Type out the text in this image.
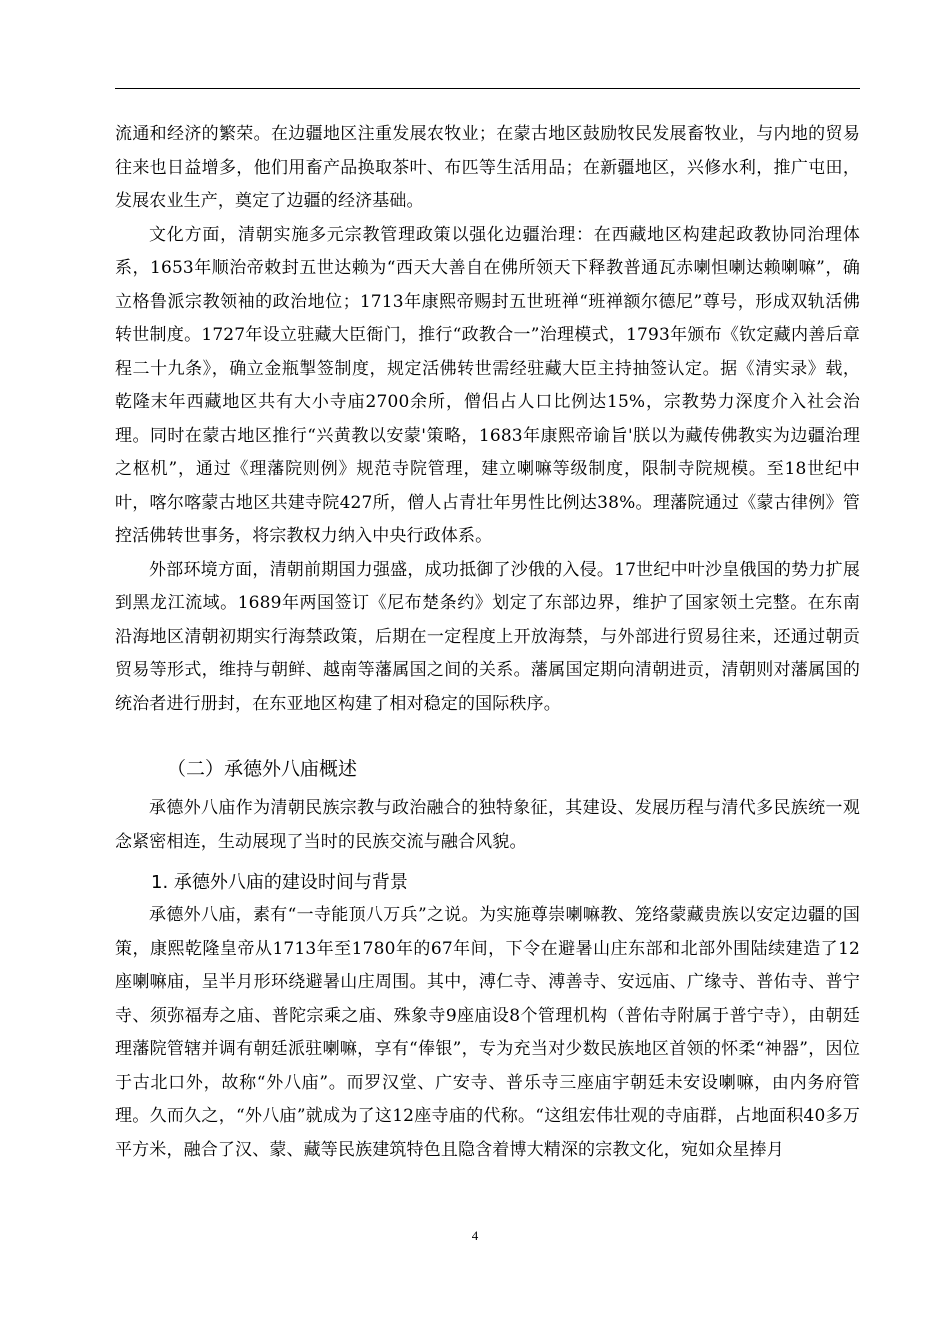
流通和经济的繁荣。在边疆地区注重发展农牧业；在蒙古地区鼓励牧民发展畜牧业，与内地的贸易往来也日益增多，他们用畜产品换取茶叶、布匹等生活用品；在新疆地区，兴修水利，推广屯田，发展农业生产，奠定了边疆的经济基础。

文化方面，清朝实施多元宗教管理政策以强化边疆治理：在西藏地区构建起政教协同治理体系，1653年顺治帝敕封五世达赖为“西天大善自在佛所领天下释教普通瓦赤喇怛喇达赖喇嘛”，确立格鲁派宗教领袖的政治地位；1713年康熙帝赐封五世班禅“班禅额尔德尼”尊号，形成双轨活佛转世制度。1727年设立驻藏大臣衙门，推行“政教合一”治理模式，1793年颁布《钦定藏内善后章程二十九条》，确立金瓶掣签制度，规定活佛转世需经驻藏大臣主持抽签认定。据《清实录》载，乾隆末年西藏地区共有大小寺庙2700余所，僧侣占人口比例达15%，宗教势力深度介入社会治理。同时在蒙古地区推行“兴黄教以安蒙'策略，1683年康熙帝谕旨'朕以为藏传佛教实为边疆治理之枢机”，通过《理藩院则例》规范寺院管理，建立喇嘛等级制度，限制寺院规模。至18世纪中叶，喀尔喀蒙古地区共建寺院427所，僧人占青壮年男性比例达38%。理藩院通过《蒙古律例》管控活佛转世事务，将宗教权力纳入中央行政体系。

外部环境方面，清朝前期国力强盛，成功抵御了沙俄的入侵。17世纪中叶沙皇俄国的势力扩展到黑龙江流域。1689年两国签订《尼布楚条约》划定了东部边界，维护了国家领土完整。在东南沿海地区清朝初期实行海禁政策，后期在一定程度上开放海禁，与外部进行贸易往来，还通过朝贡贸易等形式，维持与朝鲜、越南等藩属国之间的关系。藩属国定期向清朝进贡，清朝则对藩属国的统治者进行册封，在东亚地区构建了相对稳定的国际秩序。

（二）承德外八庙概述

承德外八庙作为清朝民族宗教与政治融合的独特象征，其建设、发展历程与清代多民族统一观念紧密相连，生动展现了当时的民族交流与融合风貌。

1. 承德外八庙的建设时间与背景

承德外八庙，素有“一寺能顶八万兵”之说。为实施尊崇喇嘛教、笼络蒙藏贵族以安定边疆的国策，康熙乾隆皇帝从1713年至1780年的67年间，下令在避暑山庄东部和北部外围陆续建造了12座喇嘛庙，呈半月形环绕避暑山庄周围。其中，溥仁寺、溥善寺、安远庙、广缘寺、普佑寺、普宁寺、须弥福寿之庙、普陀宗乘之庙、殊象寺9座庙设8个管理机构（普佑寺附属于普宁寺），由朝廷理藩院管辖并调有朝廷派驻喇嘛，享有“俸银”，专为充当对少数民族地区首领的怀柔“神器”，因位于古北口外，故称“外八庙”。而罗汉堂、广安寺、普乐寺三座庙宇朝廷未安设喇嘛，由内务府管理。久而久之，“外八庙”就成为了这12座寺庙的代称。“这组宏伟壮观的寺庙群，占地面积40多万平方米，融合了汉、蒙、藏等民族建筑特色且隐含着博大精深的宗教文化，宛如众星捧月

4
